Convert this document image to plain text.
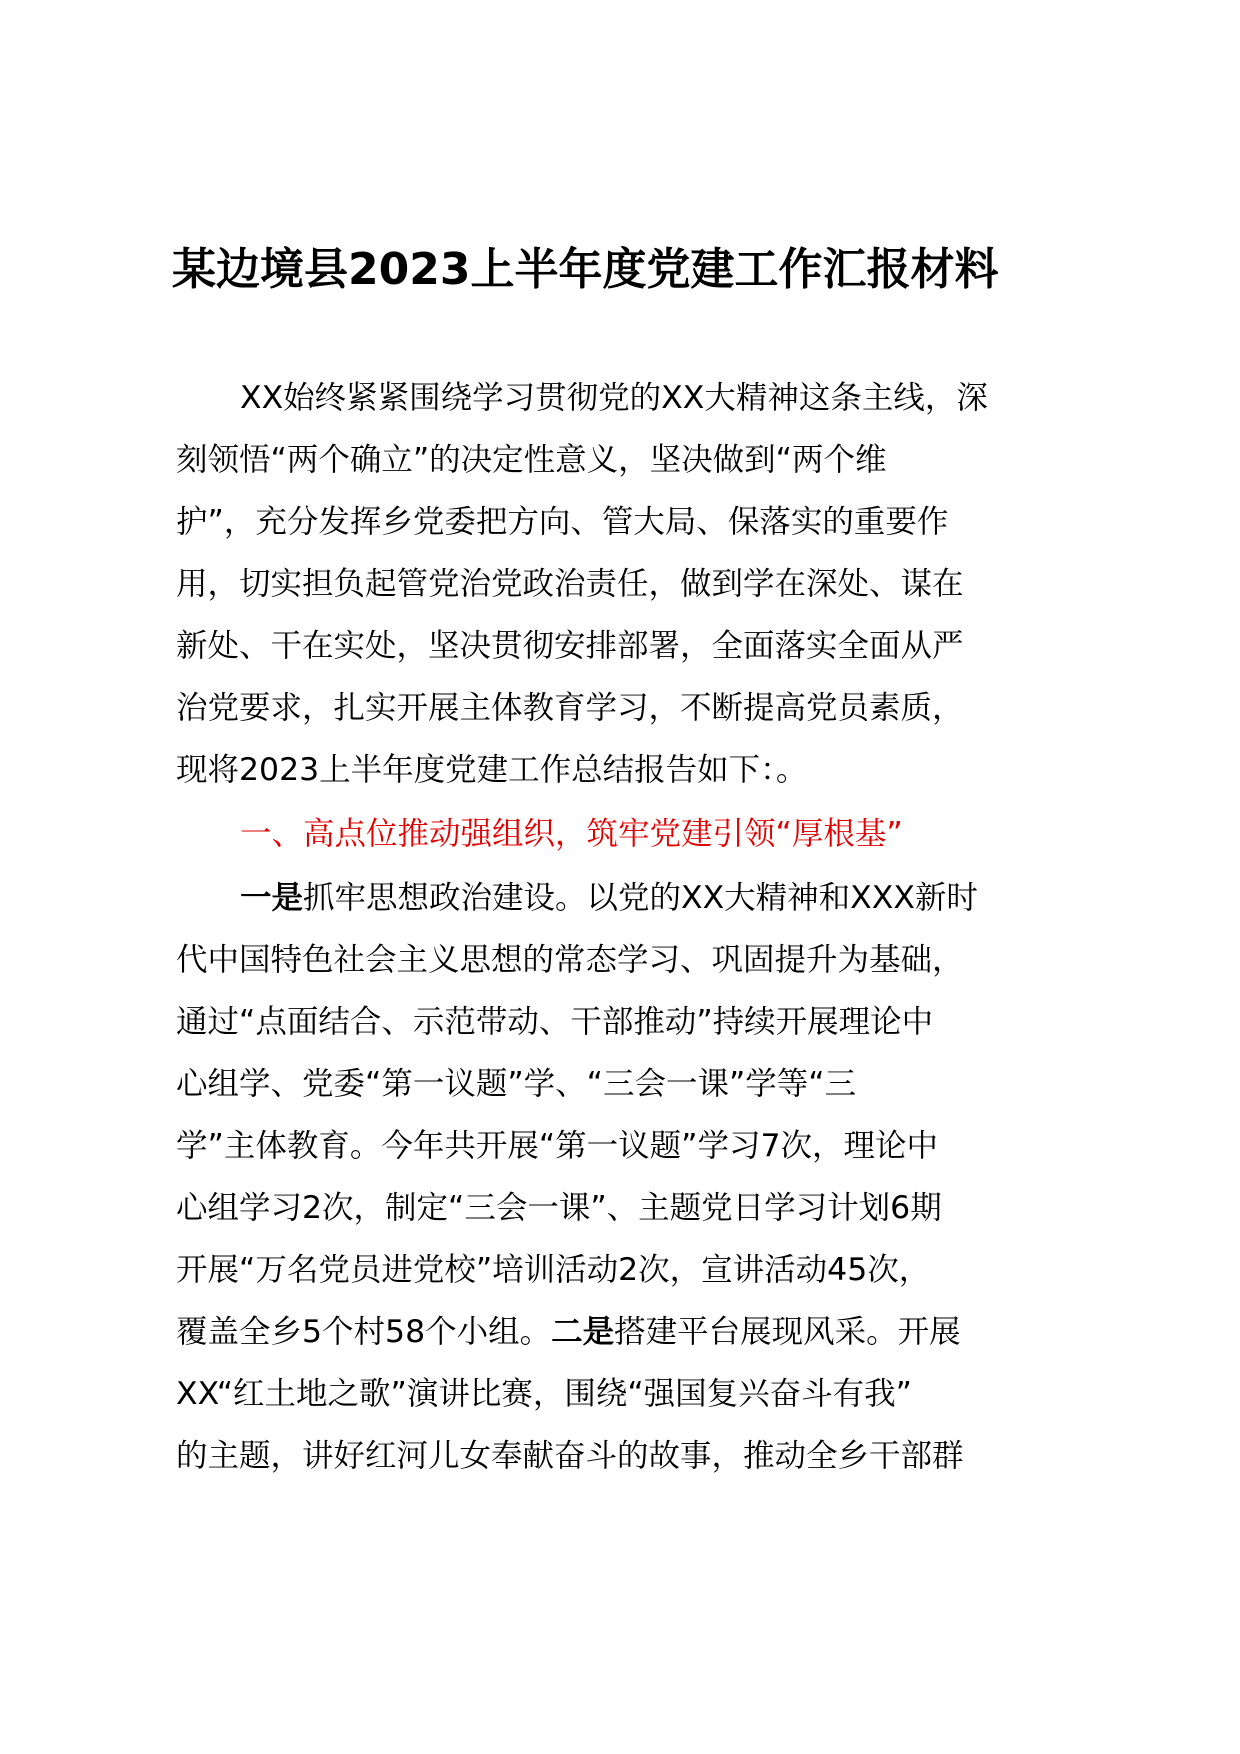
某边境县2023上半年度党建工作汇报材料

XX始终紧紧围绕学习贯彻党的XX大精神这条主线，深

刻领悟“两个确立”的决定性意义，坚决做到“两个维

护”，充分发挥乡党委把方向、管大局、保落实的重要作

用，切实担负起管党治党政治责任，做到学在深处、谋在

新处、干在实处，坚决贯彻安排部署，全面落实全面从严

治党要求，扎实开展主体教育学习，不断提高党员素质，

现将2023上半年度党建工作总结报告如下：。

一、高点位推动强组织，筑牢党建引领“厚根基”

一是抓牢思想政治建设。以党的XX大精神和XXX新时

代中国特色社会主义思想的常态学习、巩固提升为基础，

通过“点面结合、示范带动、干部推动”持续开展理论中

心组学、党委“第一议题”学、“三会一课”学等“三

学”主体教育。今年共开展“第一议题”学习7次，理论中

心组学习2次，制定“三会一课”、主题党日学习计划6期

开展“万名党员进党校”培训活动2次，宣讲活动45次，

覆盖全乡5个村58个小组。二是搭建平台展现风采。开展

XX“红土地之歌”演讲比赛，围绕“强国复兴奋斗有我”

的主题，讲好红河儿女奉献奋斗的故事，推动全乡干部群
